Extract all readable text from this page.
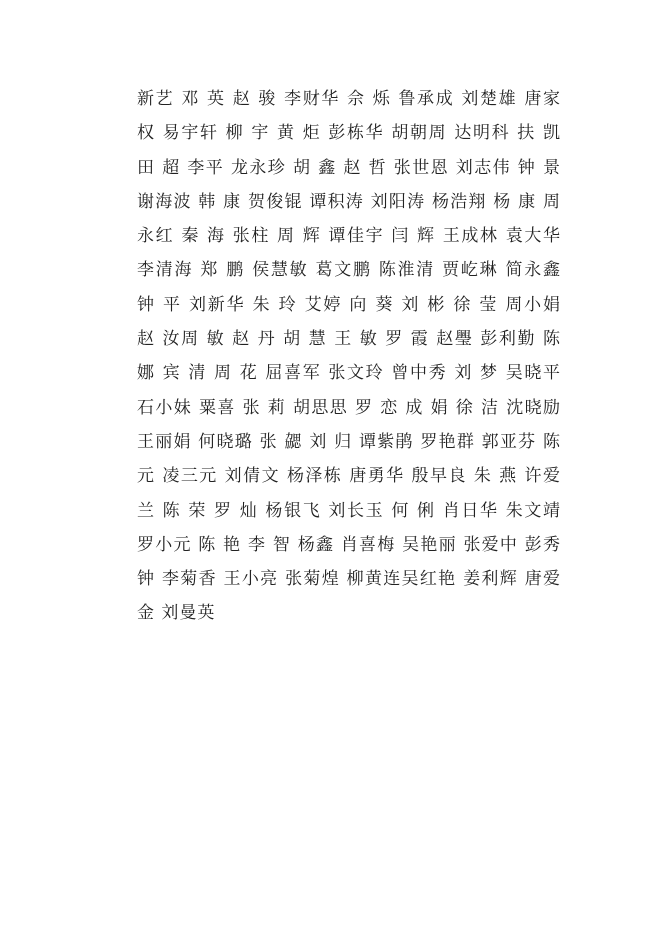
新艺 邓 英 赵 骏 李财华 佘 烁 鲁承成 刘楚雄 唐家权 易宇轩 柳 宇 黄 炬 彭栋华 胡朝周 达明科 扶 凯 田 超 李平 龙永珍 胡 鑫 赵 哲 张世恩 刘志伟 钟 景 谢海波 韩 康 贺俊锟 谭积涛 刘阳涛 杨浩翔 杨 康 周永红 秦 海 张柱 周 辉 谭佳宇 闫 辉 王成林 袁大华 李清海 郑 鹏 侯慧敏 葛文鹏 陈淮清 贾屹琳 简永鑫 钟 平 刘新华 朱 玲 艾婷 向 葵 刘 彬 徐 莹 周小娟 赵 汝周 敏 赵 丹 胡 慧 王 敏 罗 霞 赵璺 彭利勤 陈 娜 宾 清 周 花 屈喜军 张文玲 曾中秀 刘 梦 吴晓平 石小妹 粟喜 张 莉 胡思思 罗 恋 成 娟 徐 洁 沈晓励 王丽娟 何晓璐 张 勰 刘 归 谭紫鹃 罗艳群 郭亚芬 陈 元 凌三元 刘倩文 杨泽栋 唐勇华 殷早良 朱 燕 许爱兰 陈 荣 罗 灿 杨银飞 刘长玉 何 俐 肖日华 朱文靖 罗小元 陈 艳 李 智 杨鑫 肖喜梅 吴艳丽 张爱中 彭秀钟 李菊香 王小亮 张菊煌 柳黄连吴红艳 姜利辉 唐爱金 刘曼英
